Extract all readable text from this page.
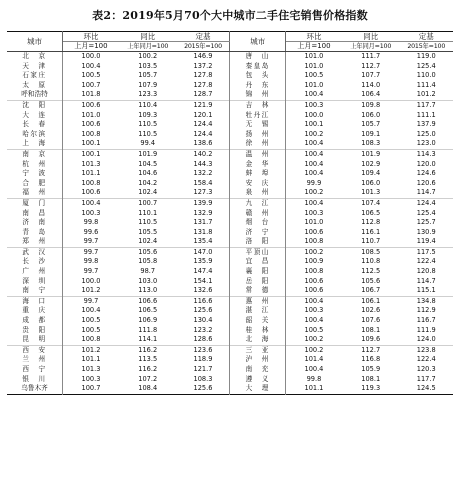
表2：2019年5月70个大中城市二手住宅销售价格指数
城市	环比	同比	定基	城市	环比	同比	定基
	上月=100	上年同月=100	2015年=100		上月=100	上年同月=100	2015年=100
北　京	100.0	100.2	146.9	唐　山	101.0	111.7	119.0
天　津	100.4	103.5	137.2	秦皇岛	101.0	112.7	125.4
石家庄	100.5	105.7	127.8	包　头	100.5	107.7	110.0
太　原	100.7	107.9	127.8	丹　东	101.0	114.0	111.4
呼和浩特	101.8	123.3	128.7	锦　州	100.4	106.4	101.2
沈　阳	100.6	110.4	121.9	吉　林	100.3	109.8	117.7
大　连	101.0	109.3	120.1	牡丹江	100.0	106.0	111.1
长　春	100.6	110.5	124.4	无　锡	100.1	105.7	137.9
哈尔滨	100.8	110.5	124.4	扬　州	100.2	109.1	125.0
上　海	100.1	99.4	138.6	徐　州	100.4	108.3	123.0
南　京	100.1	101.9	140.2	温　州	100.4	101.9	114.3
杭　州	101.3	104.5	144.3	金　华	100.4	102.9	120.0
宁　波	101.1	104.6	132.2	蚌　埠	100.4	109.4	124.6
合　肥	100.8	104.2	158.4	安　庆	99.9	106.0	120.6
福　州	100.6	102.4	127.3	泉　州	100.2	101.3	114.7
厦　门	100.4	100.7	139.9	九　江	100.4	107.4	124.4
南　昌	100.3	110.1	132.9	赣　州	100.3	106.5	125.4
济　南	99.8	110.5	131.7	烟　台	101.0	112.8	125.7
青　岛	99.6	105.5	131.8	济　宁	100.6	116.1	130.9
郑　州	99.7	102.4	135.4	洛　阳	100.8	110.7	119.4
武　汉	99.7	105.6	147.0	平顶山	100.2	108.5	117.5
长　沙	99.8	105.8	135.9	宜　昌	100.9	110.8	122.4
广　州	99.7	98.7	147.4	襄　阳	100.8	112.5	120.8
深　圳	100.0	103.0	154.1	岳　阳	100.6	105.6	114.7
南　宁	101.2	113.0	132.6	常　德	100.6	106.7	115.1
海　口	99.7	106.6	116.6	惠　州	100.4	106.1	134.8
重　庆	100.4	106.5	125.6	湛　江	100.3	102.6	112.9
成　都	100.5	106.9	130.4	韶　关	100.4	107.6	116.7
贵　阳	100.5	111.8	123.2	桂　林	100.5	108.1	111.9
昆　明	100.8	114.1	128.6	北　海	100.2	109.6	124.0
西　安	101.2	116.2	123.6	三　亚	100.2	112.7	123.8
兰　州	101.1	113.5	118.9	泸　州	101.4	116.8	122.4
西　宁	101.3	116.2	121.7	南　充	100.4	105.9	120.3
银　川	100.3	107.2	108.3	遵　义	99.8	108.1	117.7
乌鲁木齐	100.7	108.4	125.6	大　理	101.1	119.3	124.5
